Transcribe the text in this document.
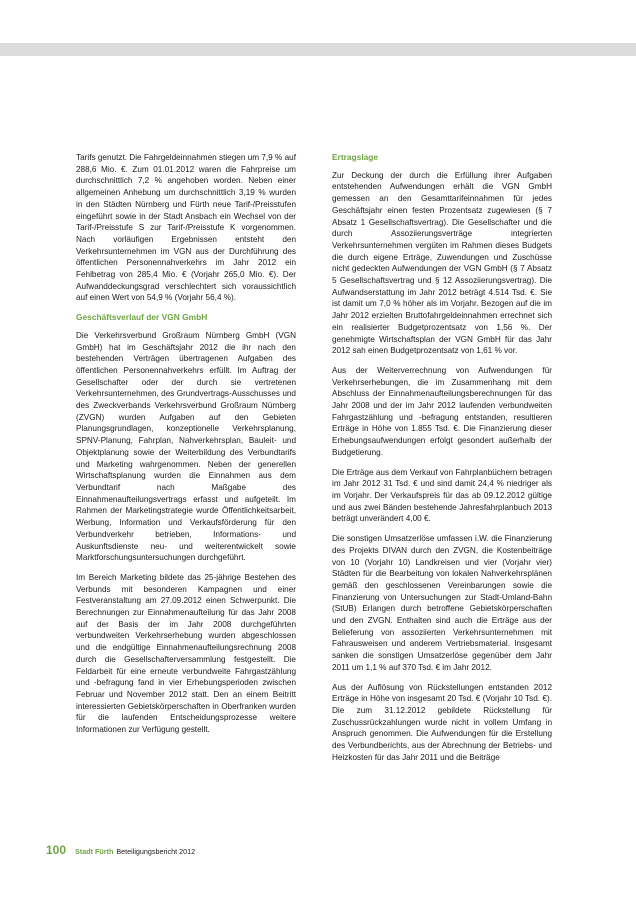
Tarifs genutzt. Die Fahrgeldeinnahmen stiegen um 7,9 % auf 288,6 Mio. €. Zum 01.01.2012 waren die Fahrpreise um durchschnittlich 7,2 % angehoben worden. Neben einer allgemeinen Anhebung um durchschnittlich 3,19 % wurden in den Städten Nürnberg und Fürth neue Tarif-/Preisstufen eingeführt sowie in der Stadt Ansbach ein Wechsel von der Tarif-/Preisstufe S zur Tarif-/Preisstufe K vorgenommen. Nach vorläufigen Ergebnissen entsteht den Verkehrsunternehmen im VGN aus der Durchführung des öffentlichen Personennahverkehrs im Jahr 2012 ein Fehlbetrag von 285,4 Mio. € (Vorjahr 265,0 Mio. €). Der Aufwanddeckungsgrad verschlechtert sich voraussichtlich auf einen Wert von 54,9 % (Vorjahr 56,4 %).

Geschäftsverlauf der VGN GmbH

Die Verkehrsverbund Großraum Nürnberg GmbH (VGN GmbH) hat im Geschäftsjahr 2012 die ihr nach den bestehenden Verträgen übertragenen Aufgaben des öffentlichen Personennahverkehrs erfüllt. Im Auftrag der Gesellschafter oder der durch sie vertretenen Verkehrsunternehmen, des Grundvertrags-Ausschusses und des Zweckverbands Verkehrsverbund Großraum Nürnberg (ZVGN) wurden Aufgaben auf den Gebieten Planungsgrundlagen, konzeptionelle Verkehrsplanung, SPNV-Planung, Fahrplan, Nahverkehrsplan, Bauleit- und Objektplanung sowie der Weiterbildung des Verbundtarifs und Marketing wahrgenommen. Neben der generellen Wirtschaftsplanung wurden die Einnahmen aus dem Verbundtarif nach Maßgabe des Einnahmenaufteilungsvertrags erfasst und aufgeteilt. Im Rahmen der Marketingstrategie wurde Öffentlichkeitsarbeit, Werbung, Information und Verkaufsförderung für den Verbundverkehr betrieben, Informations- und Auskunftsdienste neu- und weiterentwickelt sowie Marktforschungsuntersuchungen durchgeführt.

Im Bereich Marketing bildete das 25-jährige Bestehen des Verbunds mit besonderen Kampagnen und einer Festveranstaltung am 27.09.2012 einen Schwerpunkt. Die Berechnungen zur Einnahmenaufteilung für das Jahr 2008 auf der Basis der im Jahr 2008 durchgeführten verbundweiten Verkehrserhebung wurden abgeschlossen und die endgültige Einnahmenaufteilungsrechnung 2008 durch die Gesellschafterversammlung festgestellt. Die Feldarbeit für eine erneute verbundweite Fahrgastzählung und -befragung fand in vier Erhebungsperioden zwischen Februar und November 2012 statt. Den an einem Beitritt interessierten Gebietskörperschaften in Oberfranken wurden für die laufenden Entscheidungsprozesse weitere Informationen zur Verfügung gestellt.

Ertragslage

Zur Deckung der durch die Erfüllung ihrer Aufgaben entstehenden Aufwendungen erhält die VGN GmbH gemessen an den Gesamttarifeinnahmen für jedes Geschäftsjahr einen festen Prozentsatz zugewiesen (§ 7 Absatz 1 Gesellschaftsvertrag). Die Gesellschafter und die durch Assoziierungsverträge integrierten Verkehrsunternehmen vergüten im Rahmen dieses Budgets die durch eigene Erträge, Zuwendungen und Zuschüsse nicht gedeckten Aufwendungen der VGN GmbH (§ 7 Absatz 5 Gesellschaftsvertrag und § 12 Assoziierungsvertrag). Die Aufwandserstattung im Jahr 2012 beträgt 4.514 Tsd. €. Sie ist damit um 7,0 % höher als im Vorjahr. Bezogen auf die im Jahr 2012 erzielten Bruttofahrgeldeinnahmen errechnet sich ein realisierter Budgetprozentsatz von 1,56 %. Der genehmigte Wirtschaftsplan der VGN GmbH für das Jahr 2012 sah einen Budgetprozentsatz von 1,61 % vor.

Aus der Weiterverrechnung von Aufwendungen für Verkehrserhebungen, die im Zusammenhang mit dem Abschluss der Einnahmenaufteilungsberechnungen für das Jahr 2008 und der im Jahr 2012 laufenden verbundweiten Fahrgastzählung und -befragung entstanden, resultieren Erträge in Höhe von 1.855 Tsd. €. Die Finanzierung dieser Erhebungsaufwendungen erfolgt gesondert außerhalb der Budgetierung.

Die Erträge aus dem Verkauf von Fahrplanbüchern betragen im Jahr 2012 31 Tsd. € und sind damit 24,4 % niedriger als im Vorjahr. Der Verkaufspreis für das ab 09.12.2012 gültige und aus zwei Bänden bestehende Jahresfahrplanbuch 2013 beträgt unverändert 4,00 €.

Die sonstigen Umsatzerlöse umfassen i.W. die Finanzierung des Projekts DIVAN durch den ZVGN, die Kostenbeiträge von 10 (Vorjahr 10) Landkreisen und vier (Vorjahr vier) Städten für die Bearbeitung von lokalen Nahverkehrsplänen gemäß den geschlossenen Vereinbarungen sowie die Finanzierung von Untersuchungen zur Stadt-Umland-Bahn (StUB) Erlangen durch betroffene Gebietskörperschaften und den ZVGN. Enthalten sind auch die Erträge aus der Belieferung von assoziierten Verkehrsunternehmen mit Fahrausweisen und anderem Vertriebsmaterial. Insgesamt sanken die sonstigen Umsatzerlöse gegenüber dem Jahr 2011 um 1,1 % auf 370 Tsd. € im Jahr 2012.

Aus der Auflösung von Rückstellungen entstanden 2012 Erträge in Höhe von insgesamt 20 Tsd. € (Vorjahr 10 Tsd. €). Die zum 31.12.2012 gebildete Rückstellung für Zuschussrückzahlungen wurde nicht in vollem Umfang in Anspruch genommen. Die Aufwendungen für die Erstellung des Verbundberichts, aus der Abrechnung der Betriebs- und Heizkosten für das Jahr 2011 und die Beiträge

100 Stadt Fürth Beteiligungsbericht 2012
